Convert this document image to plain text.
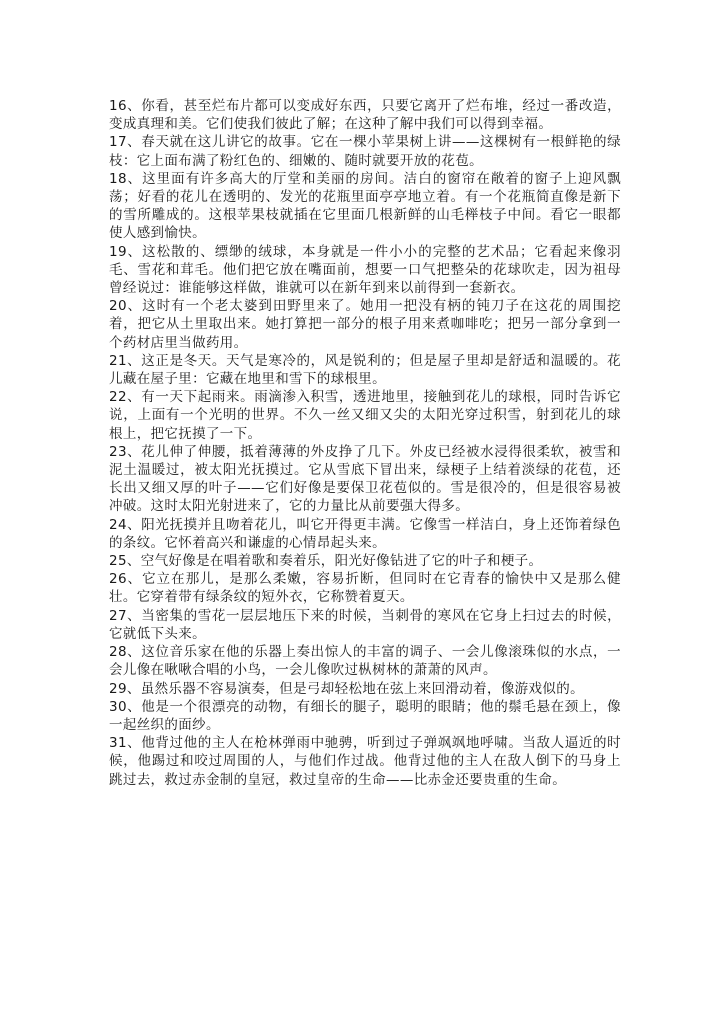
16、你看，甚至烂布片都可以变成好东西，只要它离开了烂布堆，经过一番改造，变成真理和美。它们使我们彼此了解；在这种了解中我们可以得到幸福。

17、春天就在这儿讲它的故事。它在一棵小苹果树上讲——这棵树有一根鲜艳的绿枝：它上面布满了粉红色的、细嫩的、随时就要开放的花苞。

18、这里面有许多高大的厅堂和美丽的房间。洁白的窗帘在敞着的窗子上迎风飘荡；好看的花儿在透明的、发光的花瓶里面亭亭地立着。有一个花瓶简直像是新下的雪所雕成的。这根苹果枝就插在它里面几根新鲜的山毛榉枝子中间。看它一眼都使人感到愉快。

19、这松散的、缥缈的绒球，本身就是一件小小的完整的艺术品；它看起来像羽毛、雪花和茸毛。他们把它放在嘴面前，想要一口气把整朵的花球吹走，因为祖母曾经说过：谁能够这样做，谁就可以在新年到来以前得到一套新衣。

20、这时有一个老太婆到田野里来了。她用一把没有柄的钝刀子在这花的周围挖着，把它从土里取出来。她打算把一部分的根子用来煮咖啡吃；把另一部分拿到一个药材店里当做药用。

21、这正是冬天。天气是寒冷的，风是锐利的；但是屋子里却是舒适和温暖的。花儿藏在屋子里：它藏在地里和雪下的球根里。

22、有一天下起雨来。雨滴渗入积雪，透进地里，接触到花儿的球根，同时告诉它说，上面有一个光明的世界。不久一丝又细又尖的太阳光穿过积雪，射到花儿的球根上，把它抚摸了一下。

23、花儿伸了伸腰，抵着薄薄的外皮挣了几下。外皮已经被水浸得很柔软，被雪和泥土温暖过，被太阳光抚摸过。它从雪底下冒出来，绿梗子上结着淡绿的花苞，还长出又细又厚的叶子——它们好像是要保卫花苞似的。雪是很冷的，但是很容易被冲破。这时太阳光射进来了，它的力量比从前要强大得多。

24、阳光抚摸并且吻着花儿，叫它开得更丰满。它像雪一样洁白，身上还饰着绿色的条纹。它怀着高兴和谦虚的心情昂起头来。

25、空气好像是在唱着歌和奏着乐，阳光好像钻进了它的叶子和梗子。

26、它立在那儿，是那么柔嫩，容易折断，但同时在它青春的愉快中又是那么健壮。它穿着带有绿条纹的短外衣，它称赞着夏天。

27、当密集的雪花一层层地压下来的时候，当刺骨的寒风在它身上扫过去的时候，它就低下头来。

28、这位音乐家在他的乐器上奏出惊人的丰富的调子、一会儿像滚珠似的水点，一会儿像在啾啾合唱的小鸟，一会儿像吹过枞树林的萧萧的风声。

29、虽然乐器不容易演奏，但是弓却轻松地在弦上来回滑动着，像游戏似的。

30、他是一个很漂亮的动物，有细长的腿子，聪明的眼睛；他的鬃毛悬在颈上，像一起丝织的面纱。

31、他背过他的主人在枪林弹雨中驰骋，听到过子弹飒飒地呼啸。当敌人逼近的时候，他踢过和咬过周围的人，与他们作过战。他背过他的主人在敌人倒下的马身上跳过去，救过赤金制的皇冠，救过皇帝的生命——比赤金还要贵重的生命。
